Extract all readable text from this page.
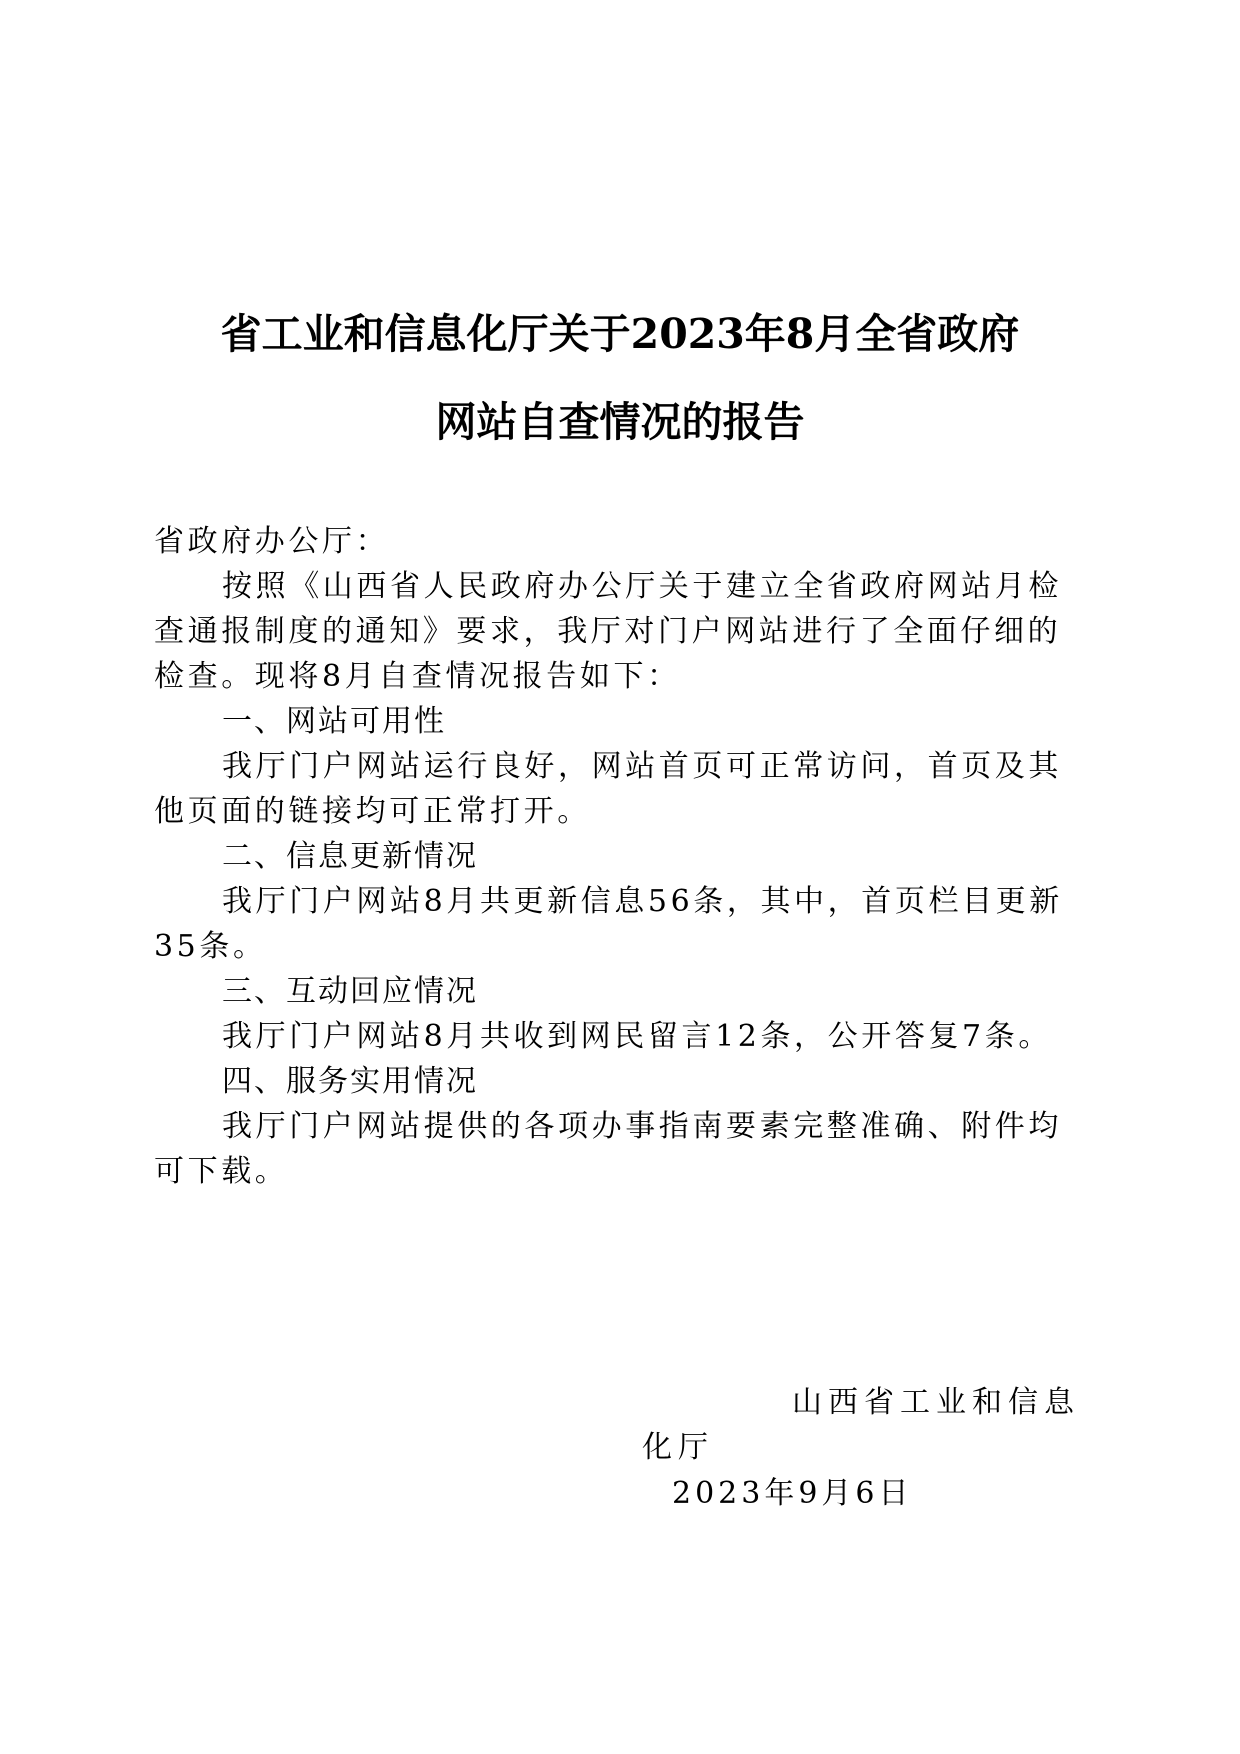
省工业和信息化厅关于2023年8月全省政府
网站自查情况的报告
省政府办公厅：
按照《山西省人民政府办公厅关于建立全省政府网站月检
查通报制度的通知》要求，我厅对门户网站进行了全面仔细的
检查。现将8月自查情况报告如下：
一、网站可用性
我厅门户网站运行良好，网站首页可正常访问，首页及其
他页面的链接均可正常打开。
二、信息更新情况
我厅门户网站8月共更新信息56条，其中，首页栏目更新
35条。
三、互动回应情况
我厅门户网站8月共收到网民留言12条，公开答复7条。
四、服务实用情况
我厅门户网站提供的各项办事指南要素完整准确、附件均
可下载。
山西省工业和信息
化厅
2023年9月6日
